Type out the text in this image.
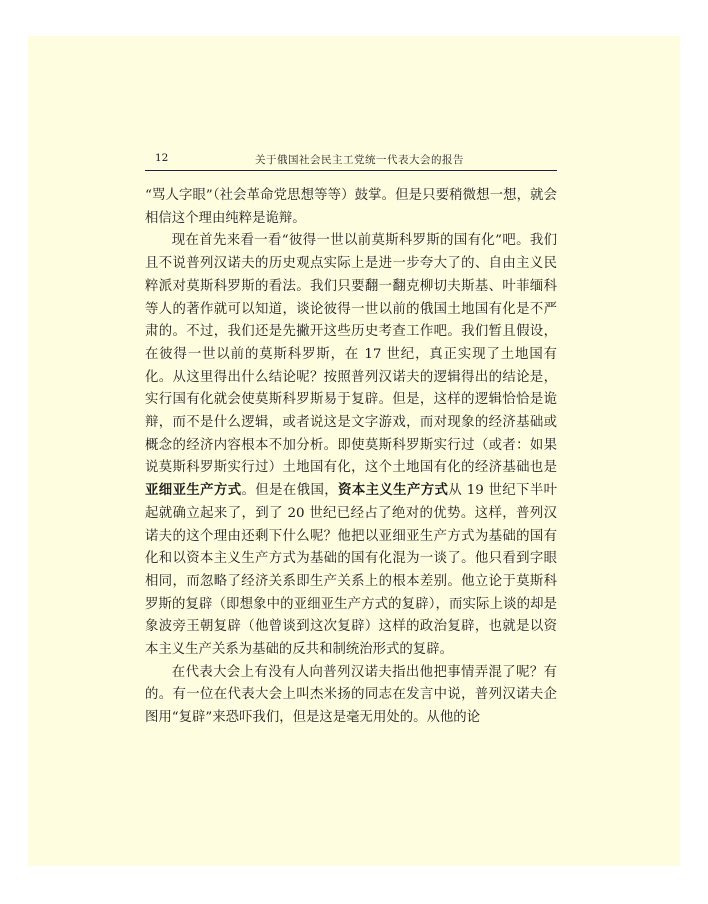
12	关于俄国社会民主工党统一代表大会的报告

“骂人字眼”（社会革命党思想等等）鼓掌。但是只要稍微想一想，就会相信这个理由纯粹是诡辩。

现在首先来看一看“彼得一世以前莫斯科罗斯的国有化”吧。我们且不说普列汉诺夫的历史观点实际上是进一步夸大了的、自由主义民粹派对莫斯科罗斯的看法。我们只要翻一翻克柳切夫斯基、叶菲缅科等人的著作就可以知道，谈论彼得一世以前的俄国土地国有化是不严肃的。不过，我们还是先撇开这些历史考查工作吧。我们暂且假设，在彼得一世以前的莫斯科罗斯，在 17 世纪，真正实现了土地国有化。从这里得出什么结论呢？按照普列汉诺夫的逻辑得出的结论是，实行国有化就会使莫斯科罗斯易于复辟。但是，这样的逻辑恰恰是诡辩，而不是什么逻辑，或者说这是文字游戏，而对现象的经济基础或概念的经济内容根本不加分析。即使莫斯科罗斯实行过（或者：如果说莫斯科罗斯实行过）土地国有化，这个土地国有化的经济基础也是亚细亚生产方式。但是在俄国，资本主义生产方式从 19 世纪下半叶起就确立起来了，到了 20 世纪已经占了绝对的优势。这样，普列汉诺夫的这个理由还剩下什么呢？他把以亚细亚生产方式为基础的国有化和以资本主义生产方式为基础的国有化混为一谈了。他只看到字眼相同，而忽略了经济关系即生产关系上的根本差别。他立论于莫斯科罗斯的复辟（即想象中的亚细亚生产方式的复辟），而实际上谈的却是象波旁王朝复辟（他曾谈到这次复辟）这样的政治复辟，也就是以资本主义生产关系为基础的反共和制统治形式的复辟。

在代表大会上有没有人向普列汉诺夫指出他把事情弄混了呢？有的。有一位在代表大会上叫杰米扬的同志在发言中说，普列汉诺夫企图用“复辟”来恐吓我们，但是这是毫无用处的。从他的论
